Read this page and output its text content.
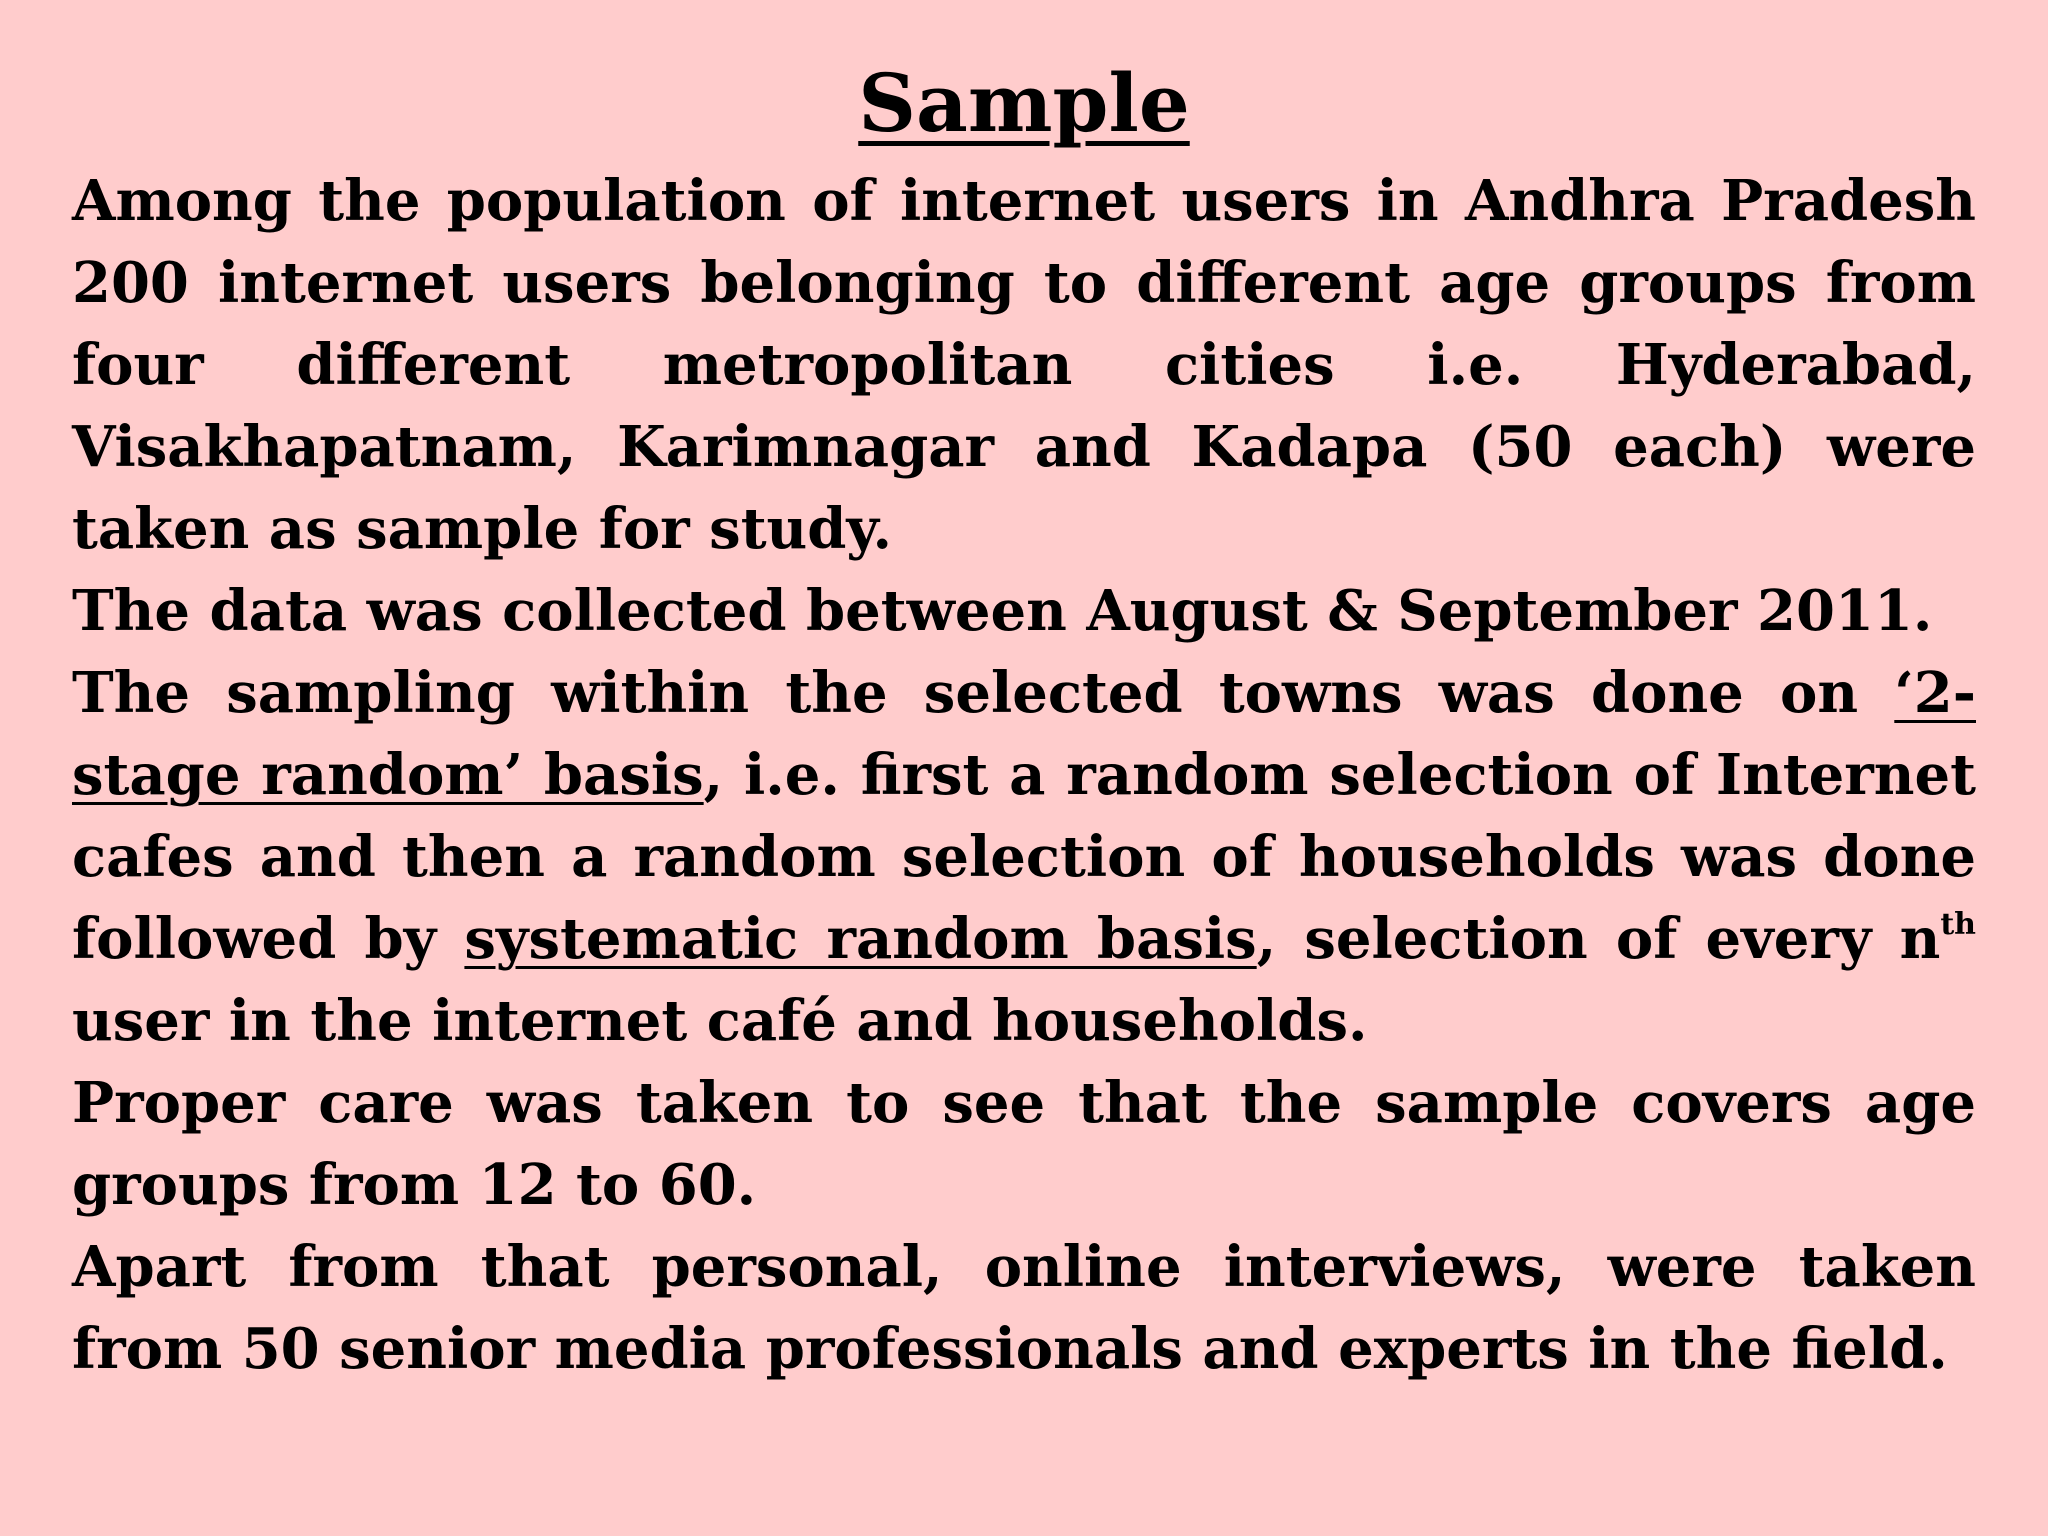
Sample

Among the population of internet users in Andhra Pradesh 200 internet users belonging to different age groups from four different metropolitan cities i.e. Hyderabad, Visakhapatnam, Karimnagar and Kadapa (50 each) were taken as sample for study.

The data was collected between August & September 2011.

The sampling within the selected towns was done on ‘2-stage random’ basis, i.e. first a random selection of Internet cafes and then a random selection of households was done followed by systematic random basis, selection of every $n^{th}$ user in the internet café and households.

Proper care was taken to see that the sample covers age groups from 12 to 60.

Apart from that personal, online interviews, were taken from 50 senior media professionals and experts in the field.
